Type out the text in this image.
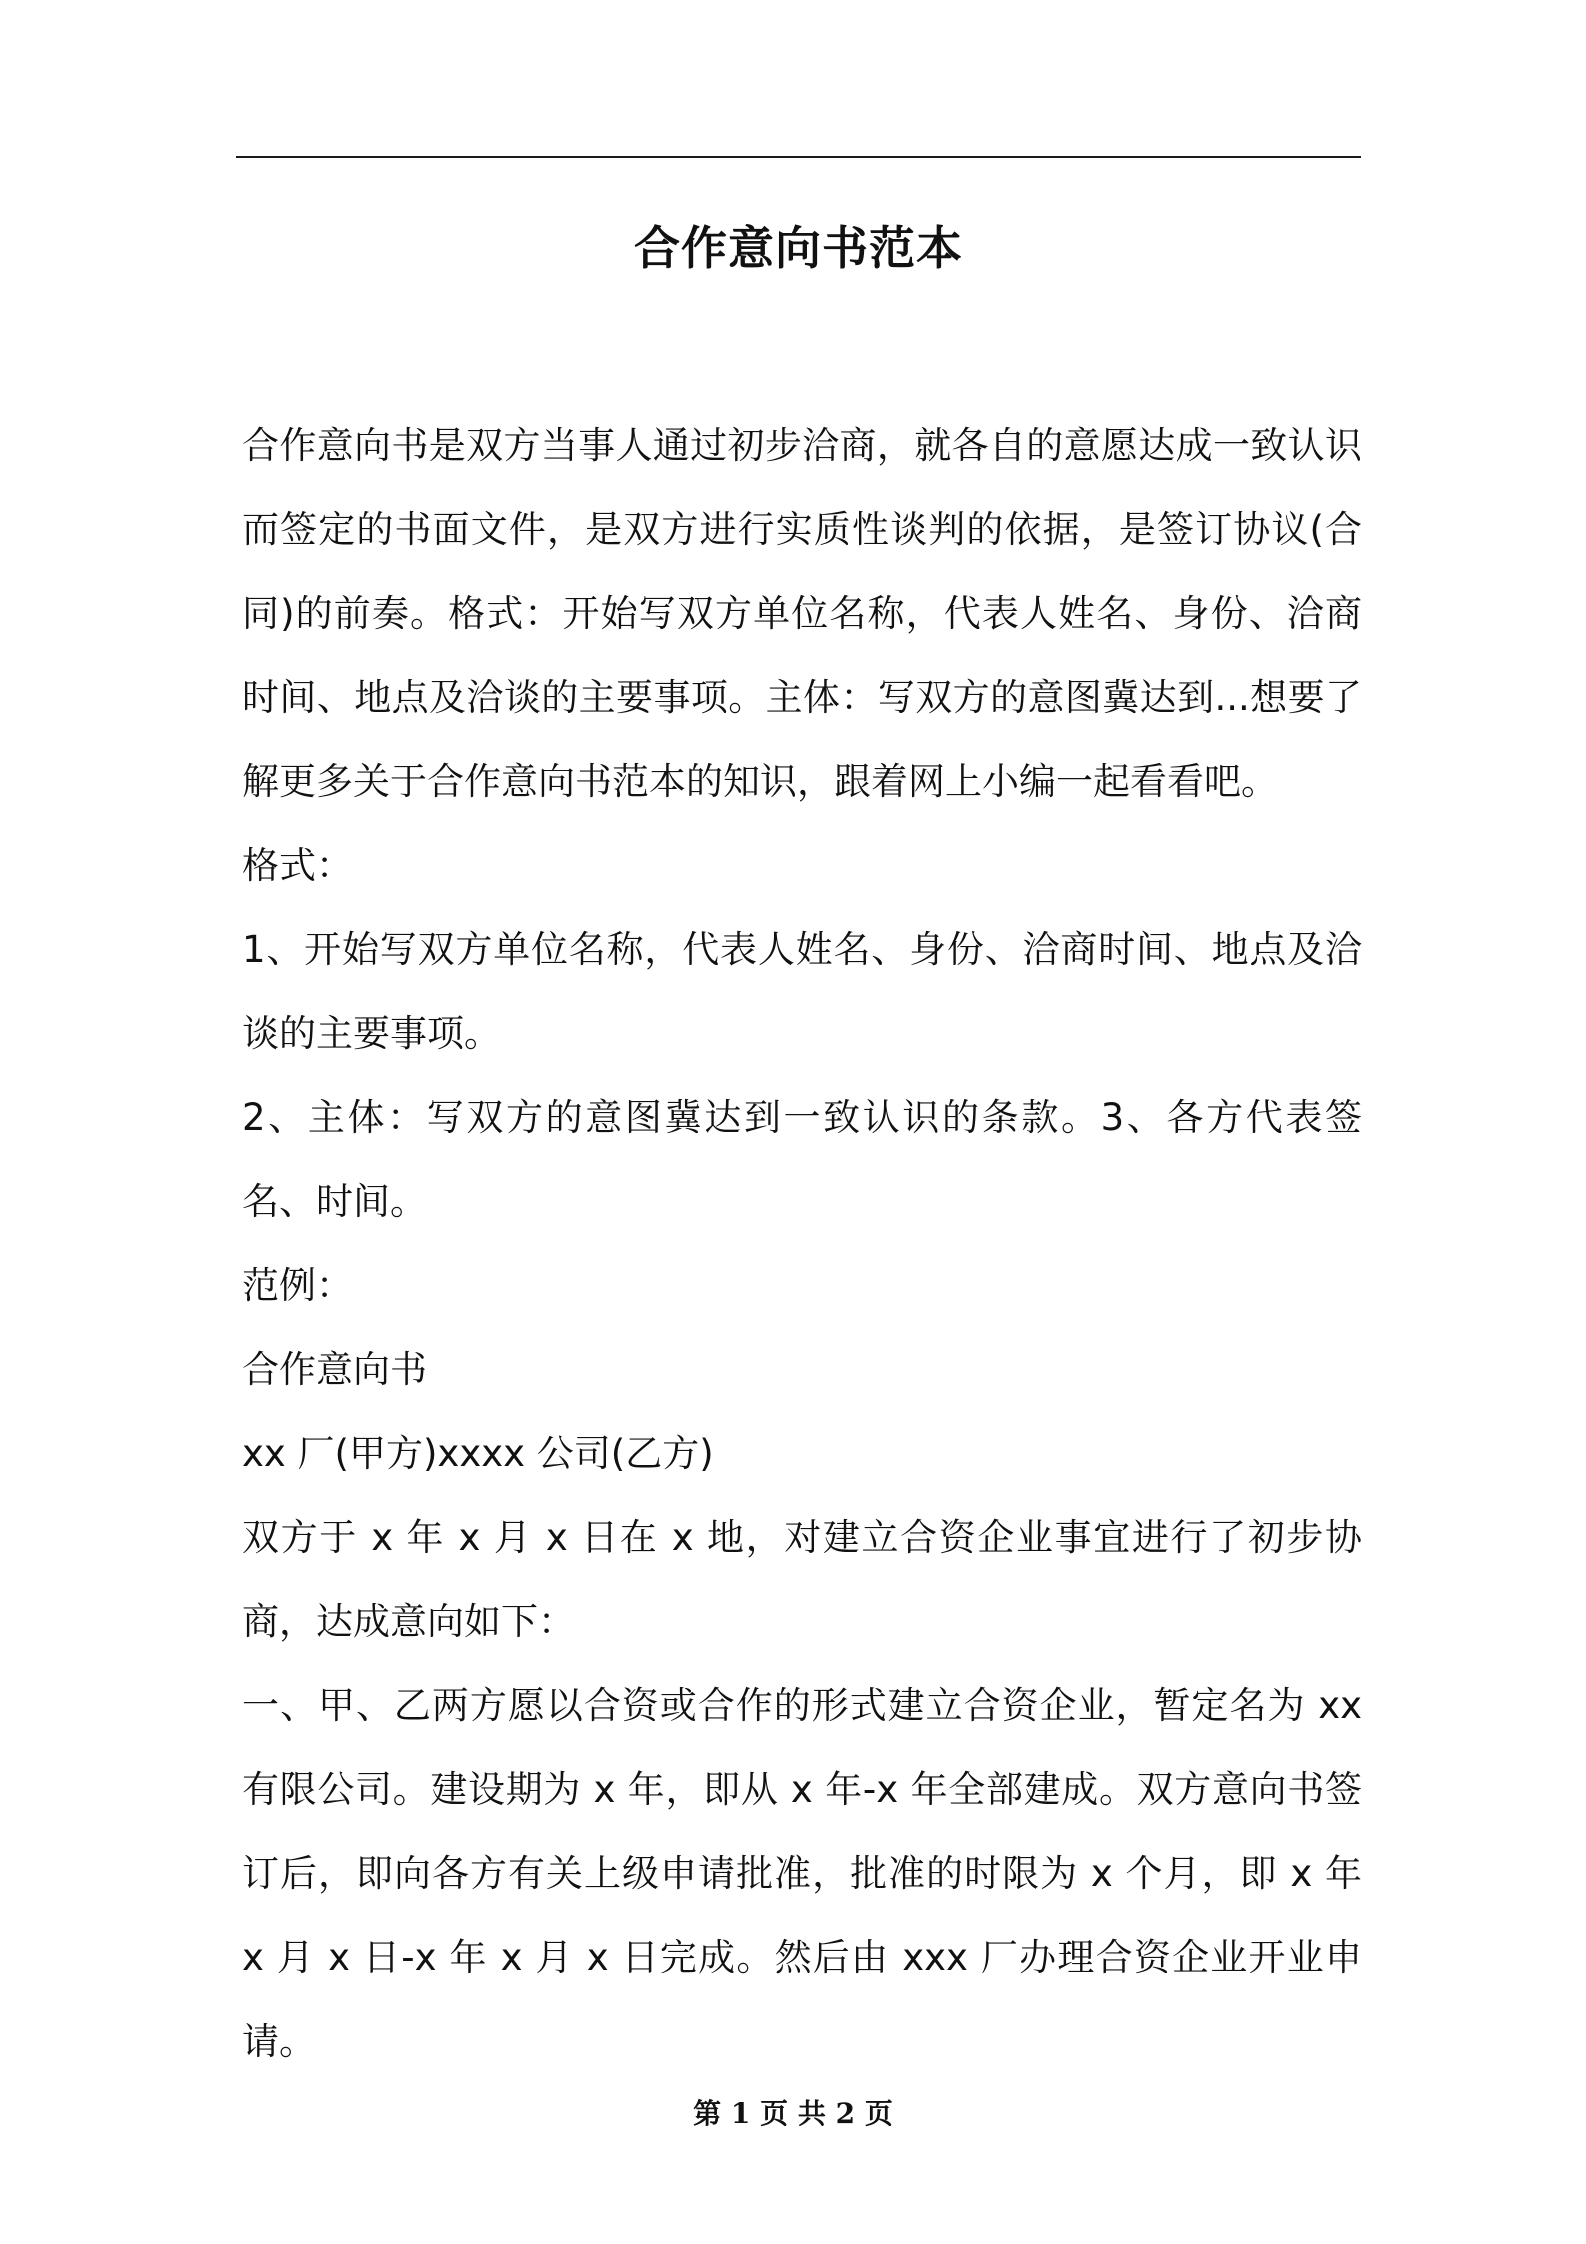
合作意向书范本

合作意向书是双方当事人通过初步洽商，就各自的意愿达成一致认识而签定的书面文件，是双方进行实质性谈判的依据，是签订协议(合同)的前奏。格式：开始写双方单位名称，代表人姓名、身份、洽商时间、地点及洽谈的主要事项。主体：写双方的意图冀达到...想要了解更多关于合作意向书范本的知识，跟着网上小编一起看看吧。

格式：

1、开始写双方单位名称，代表人姓名、身份、洽商时间、地点及洽谈的主要事项。

2、主体：写双方的意图冀达到一致认识的条款。3、各方代表签名、时间。

范例：

合作意向书

xx 厂(甲方)xxxx 公司(乙方)

双方于 x 年 x 月 x 日在 x 地，对建立合资企业事宜进行了初步协商，达成意向如下：

一、甲、乙两方愿以合资或合作的形式建立合资企业，暂定名为 xx 有限公司。建设期为 x 年，即从 x 年-x 年全部建成。双方意向书签订后，即向各方有关上级申请批准，批准的时限为 x 个月，即 x 年 x 月 x 日-x 年 x 月 x 日完成。然后由 xxx 厂办理合资企业开业申请。

第 1 页 共 2 页
